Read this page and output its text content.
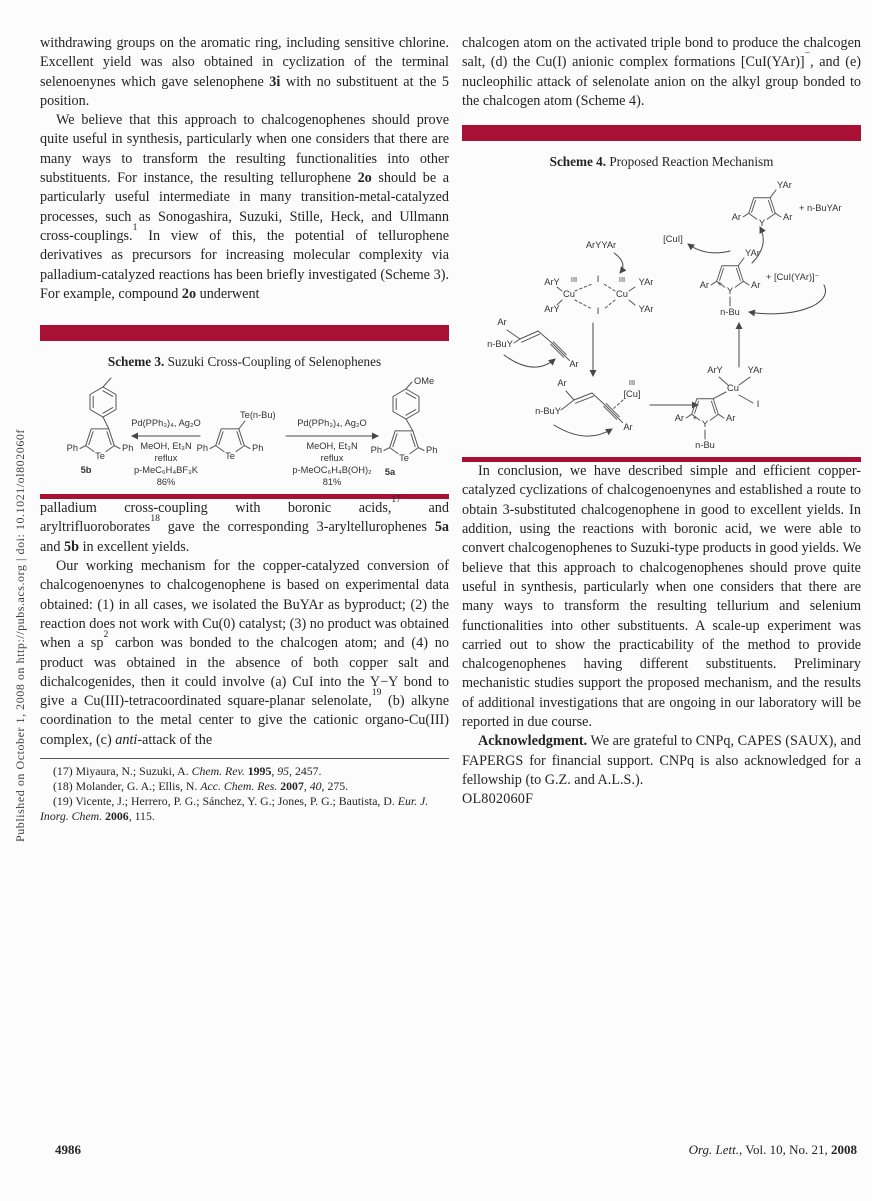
Published on October 1, 2008 on http://pubs.acs.org | doi: 10.1021/ol802060f

withdrawing groups on the aromatic ring, including sensitive chlorine. Excellent yield was also obtained in cyclization of the terminal selenoenynes which gave selenophene 3i with no substituent at the 5 position.

We believe that this approach to chalcogenophenes should prove quite useful in synthesis, particularly when one considers that there are many ways to transform the resulting functionalities into other substituents. For instance, the resulting tellurophene 2o should be a particularly useful intermediate in many transition-metal-catalyzed processes, such as Sonogashira, Suzuki, Stille, Heck, and Ullmann cross-couplings.$^1$ In view of this, the potential of tellurophene derivatives as precursors for increasing molecular complexity via palladium-catalyzed reactions has been briefly investigated (Scheme 3). For example, compound 2o underwent

Scheme 3. Suzuki Cross-Coupling of Selenophenes
Te
Ph	Ph
5b
Pd(PPh₃)₄, Ag₂O
MeOH, Et₃N
reflux
p-MeC₆H₄BF₃K
86%
Te(n-Bu)
Te
Ph	Ph
Pd(PPh₃)₄, Ag₂O
MeOH, Et₃N
reflux
p-MeOC₆H₄B(OH)₂
81%
OMe
Te
Ph	Ph
5a

palladium cross-coupling with boronic acids,$^{17}$ and aryltrifluoroborates$^{18}$ gave the corresponding 3-aryltellurophenes 5a and 5b in excellent yields.

Our working mechanism for the copper-catalyzed conversion of chalcogenoenynes to chalcogenophene is based on experimental data obtained: (1) in all cases, we isolated the BuYAr as byproduct; (2) the reaction does not work with Cu(0) catalyst; (3) no product was obtained when a $sp^2$ carbon was bonded to the chalcogen atom; and (4) no product was obtained in the absence of both copper salt and dichalcogenides, then it could involve (a) CuI into the Y−Y bond to give a Cu(III)-tetracoordinated square-planar selenolate,$^{19}$ (b) alkyne coordination to the metal center to give the cationic organo-Cu(III) complex, (c) anti-attack of the

(17) Miyaura, N.; Suzuki, A. Chem. Rev. 1995, 95, 2457.

(18) Molander, G. A.; Ellis, N. Acc. Chem. Res. 2007, 40, 275.

(19) Vicente, J.; Herrero, P. G.; Sánchez, Y. G.; Jones, P. G.; Bautista, D. Eur. J. Inorg. Chem. 2006, 115.

chalcogen atom on the activated triple bond to produce the chalcogen salt, (d) the Cu(I) anionic complex formations [CuI(YAr)]−, and (e) nucleophilic attack of selenolate anion on the alkyl group bonded to the chalcogen atom (Scheme 4).

Scheme 4. Proposed Reaction Mechanism
Y
YAr
Ar	Ar
+ n-BuYAr
[CuI]
ArYYAr
ArY III I	III YAr
Cu	Cu
ArY	I	YAr
Y
+
YAr
Ar	Ar
n-Bu
+ [CuI(YAr)]⁻
Ar
n-BuY
Ar
Ar
n-BuY
Ar
III
[Cu]
Y
+
Ar	Ar
n-Bu
Cu
ArY	YAr
I

In conclusion, we have described simple and efficient copper-catalyzed cyclizations of chalcogenoenynes and established a route to obtain 3-substituted chalcogenophene in good to excellent yields. In addition, using the reactions with boronic acid, we were able to convert chalcogenophenes to Suzuki-type products in good yields. We believe that this approach to chalcogenophenes should prove quite useful in synthesis, particularly when one considers that there are many ways to transform the resulting tellurium and selenium functionalities into other substituents. A scale-up experiment was carried out to show the practicability of the method to provide chalcogenophenes having different substituents. Preliminary mechanistic studies support the proposed mechanism, and the results of additional investigations that are ongoing in our laboratory will be reported in due course.

Acknowledgment. We are grateful to CNPq, CAPES (SAUX), and FAPERGS for financial support. CNPq is also acknowledged for a fellowship (to G.Z. and A.L.S.).

OL802060F

4986	Org. Lett., Vol. 10, No. 21, 2008
